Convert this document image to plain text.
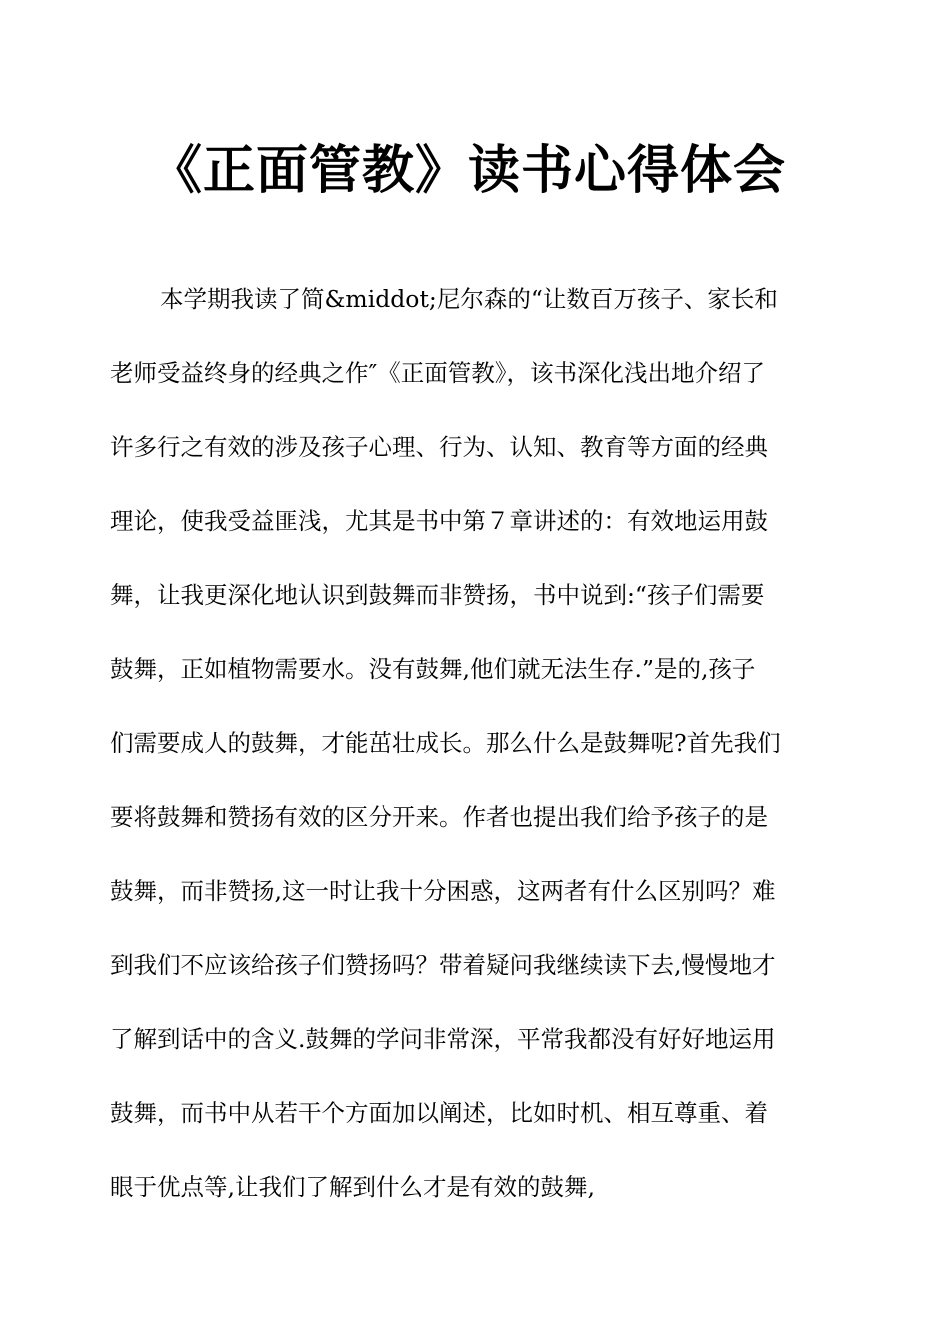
《正面管教》读书心得体会
本学期我读了简&middot;尼尔森的“让数百万孩子、家长和
老师受益终身的经典之作″《正面管教》，该书深化浅出地介绍了
许多行之有效的涉及孩子心理、行为、认知、教育等方面的经典
理论，使我受益匪浅，尤其是书中第７章讲述的：有效地运用鼓
舞，让我更深化地认识到鼓舞而非赞扬，书中说到:“孩子们需要
鼓舞，正如植物需要水。没有鼓舞,他们就无法生存.”是的,孩子
们需要成人的鼓舞，才能茁壮成长。那么什么是鼓舞呢?首先我们
要将鼓舞和赞扬有效的区分开来。作者也提出我们给予孩子的是
鼓舞，而非赞扬,这一时让我十分困惑，这两者有什么区别吗？难
到我们不应该给孩子们赞扬吗？带着疑问我继续读下去,慢慢地才
了解到话中的含义.鼓舞的学问非常深，平常我都没有好好地运用
鼓舞，而书中从若干个方面加以阐述，比如时机、相互尊重、着
眼于优点等,让我们了解到什么才是有效的鼓舞,
